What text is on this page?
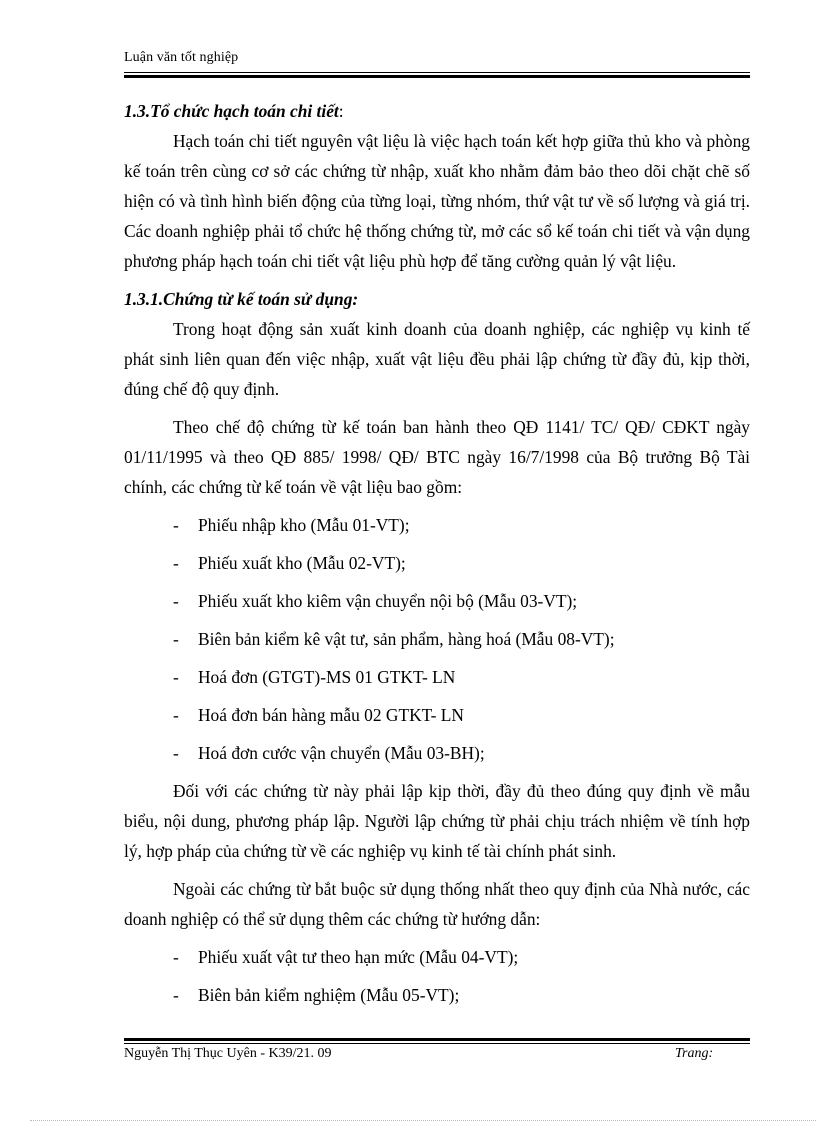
Luận văn tốt nghiệp

1.3.Tổ chức hạch toán chi tiết:

Hạch toán chi tiết nguyên vật liệu là việc hạch toán kết hợp giữa thủ kho và phòng kế toán trên cùng cơ sở các chứng từ nhập, xuất kho nhằm đảm bảo theo dõi chặt chẽ số hiện có và tình hình biến động của từng loại, từng nhóm, thứ vật tư về số lượng và giá trị. Các doanh nghiệp phải tổ chức hệ thống chứng từ, mở các sổ kế toán chi tiết và vận dụng phương pháp hạch toán chi tiết vật liệu phù hợp để tăng cường quản lý vật liệu.

1.3.1.Chứng từ kế toán sử dụng:

Trong hoạt động sản xuất kinh doanh của doanh nghiệp, các nghiệp vụ kinh tế phát sinh liên quan đến việc nhập, xuất vật liệu đều phải lập chứng từ đầy đủ, kịp thời, đúng chế độ quy định.

Theo chế độ chứng từ kế toán ban hành theo QĐ 1141/ TC/ QĐ/ CĐKT ngày 01/11/1995 và theo QĐ 885/ 1998/ QĐ/ BTC ngày 16/7/1998 của Bộ trưởng Bộ Tài chính, các chứng từ kế toán về vật liệu bao gồm:

- Phiếu nhập kho (Mẫu 01-VT);
- Phiếu xuất kho (Mẫu 02-VT);
- Phiếu xuất kho kiêm vận chuyển nội bộ (Mẫu 03-VT);
- Biên bản kiểm kê vật tư, sản phẩm, hàng hoá (Mẫu 08-VT);
- Hoá đơn (GTGT)-MS 01 GTKT- LN
- Hoá đơn bán hàng mẫu 02 GTKT- LN
- Hoá đơn cước vận chuyển (Mẫu 03-BH);

Đối với các chứng từ này phải lập kịp thời, đầy đủ theo đúng quy định về mẫu biểu, nội dung, phương pháp lập. Người lập chứng từ phải chịu trách nhiệm về tính hợp lý, hợp pháp của chứng từ về các nghiệp vụ kinh tế tài chính phát sinh.

Ngoài các chứng từ bắt buộc sử dụng thống nhất theo quy định của Nhà nước, các doanh nghiệp có thể sử dụng thêm các chứng từ hướng dẫn:

- Phiếu xuất vật tư theo hạn mức (Mẫu 04-VT);
- Biên bản kiểm nghiệm (Mẫu 05-VT);
Nguyễn Thị Thục Uyên - K39/21. 09	Trang:
